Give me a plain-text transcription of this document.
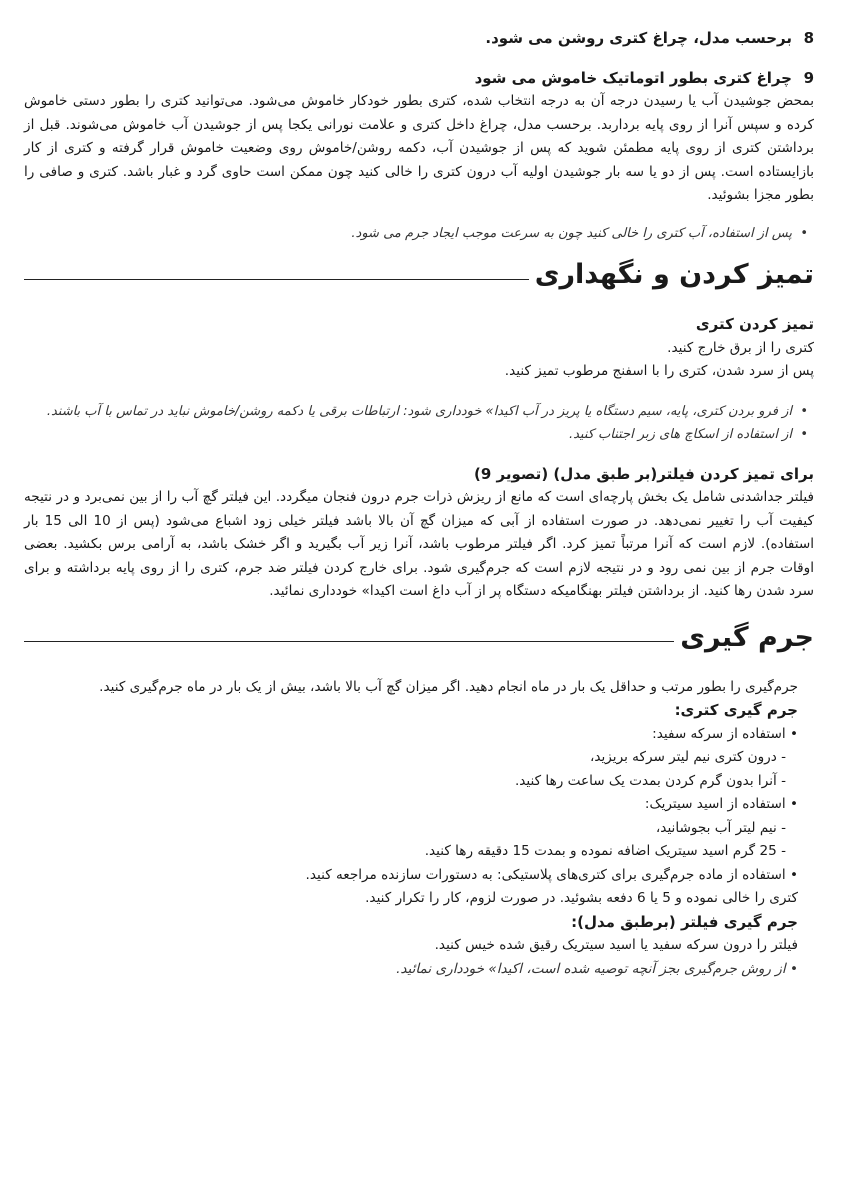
8
برحسب مدل، چراغ کتری روشن می شود.
9
چراغ کتری بطور اتوماتیک خاموش می شود
بمحض جوشیدن آب یا رسیدن درجه آن به درجه انتخاب شده، کتری بطور خودکار خاموش می‌شود. می‌توانید کتری را بطور دستی خاموش کرده و سپس آنرا از روی پایه برداربد. برحسب مدل، چراغ داخل کتری و علامت نورانی یکجا پس از جوشیدن آب خاموش می‌شوند. قبل از برداشتن کتری از روی پایه مطمئن شوید که پس از جوشیدن آب، دکمه روشن/خاموش روی وضعیت خاموش قرار گرفته و کتری از کار بازایستاده است. پس از دو یا سه بار جوشیدن اولیه آب درون کتری را خالی کنید چون ممکن است حاوی گرد و غبار باشد. کتری و صافی را بطور مجزا بشوئید.
• پس از استفاده، آب کتری را خالی کنید چون به سرعت موجب ایجاد جرم می شود.
تمیز کردن و نگهداری
تمیز کردن کتری
کتری را از برق خارج کنید.
پس از سرد شدن، کتری را با اسفنج مرطوب تمیز کنید.
• از فرو بردن کتری، پایه، سیم دستگاه یا پریز در آب اکیدا» خودداری شود: ارتباطات برقی یا دکمه روشن/خاموش نباید در تماس با آب باشند.
• از استفاده از اسکاچ های زبر اجتناب کنید.
برای تمیز کردن فیلتر(بر طبق مدل) (تصویر 9)
فیلتر جداشدنی شامل یک بخش پارچه‌ای است که مانع از ریزش ذرات جرم درون فنجان میگردد. این فیلتر گچ آب را از بین نمی‌برد و در نتیجه کیفیت آب را تغییر نمی‌دهد. در صورت استفاده از آبی که میزان گچ آن بالا باشد فیلتر خیلی زود اشباع می‌شود (پس از 10 الی 15 بار استفاده). لازم است که آنرا مرتباً تمیز کرد. اگر فیلتر مرطوب باشد، آنرا زیر آب بگیرید و اگر خشک باشد، به آرامی برس بکشید. بعضی اوقات جرم از بین نمی رود و در نتیجه لازم است که جرم‌گیری شود. برای خارج کردن فیلتر ضد جرم، کتری را از روی پایه برداشته و برای سرد شدن رها کنید. از برداشتن فیلتر بهنگامیکه دستگاه پر از آب داغ است اکیدا» خودداری نمائید.
جرم گیری
جرم‌گیری را بطور مرتب و حداقل یک بار در ماه انجام دهید. اگر میزان گچ آب بالا باشد، بیش از یک بار در ماه جرم‌گیری کنید.
جرم گیری کتری:
• استفاده از سرکه سفید:
- درون کتری نیم لیتر سرکه بریزید،
- آنرا بدون گرم کردن بمدت یک ساعت رها کنید.
• استفاده از اسید سیتریک:
- نیم لیتر آب بجوشانید،
- 25 گرم اسید سیتریک اضافه نموده و بمدت 15 دقیقه رها کنید.
• استفاده از ماده جرم‌گیری برای کتری‌های پلاستیکی: به دستورات سازنده مراجعه کنید.
کتری را خالی نموده و 5 یا 6 دفعه بشوئید. در صورت لزوم، کار را تکرار کنید.
جرم گیری فیلتر (برطبق مدل):
فیلتر را درون سرکه سفید یا اسید سیتریک رقیق شده خیس کنید.
• از روش جرم‌گیری بجز آنچه توصیه شده است، اکیدا» خودداری نمائید.
